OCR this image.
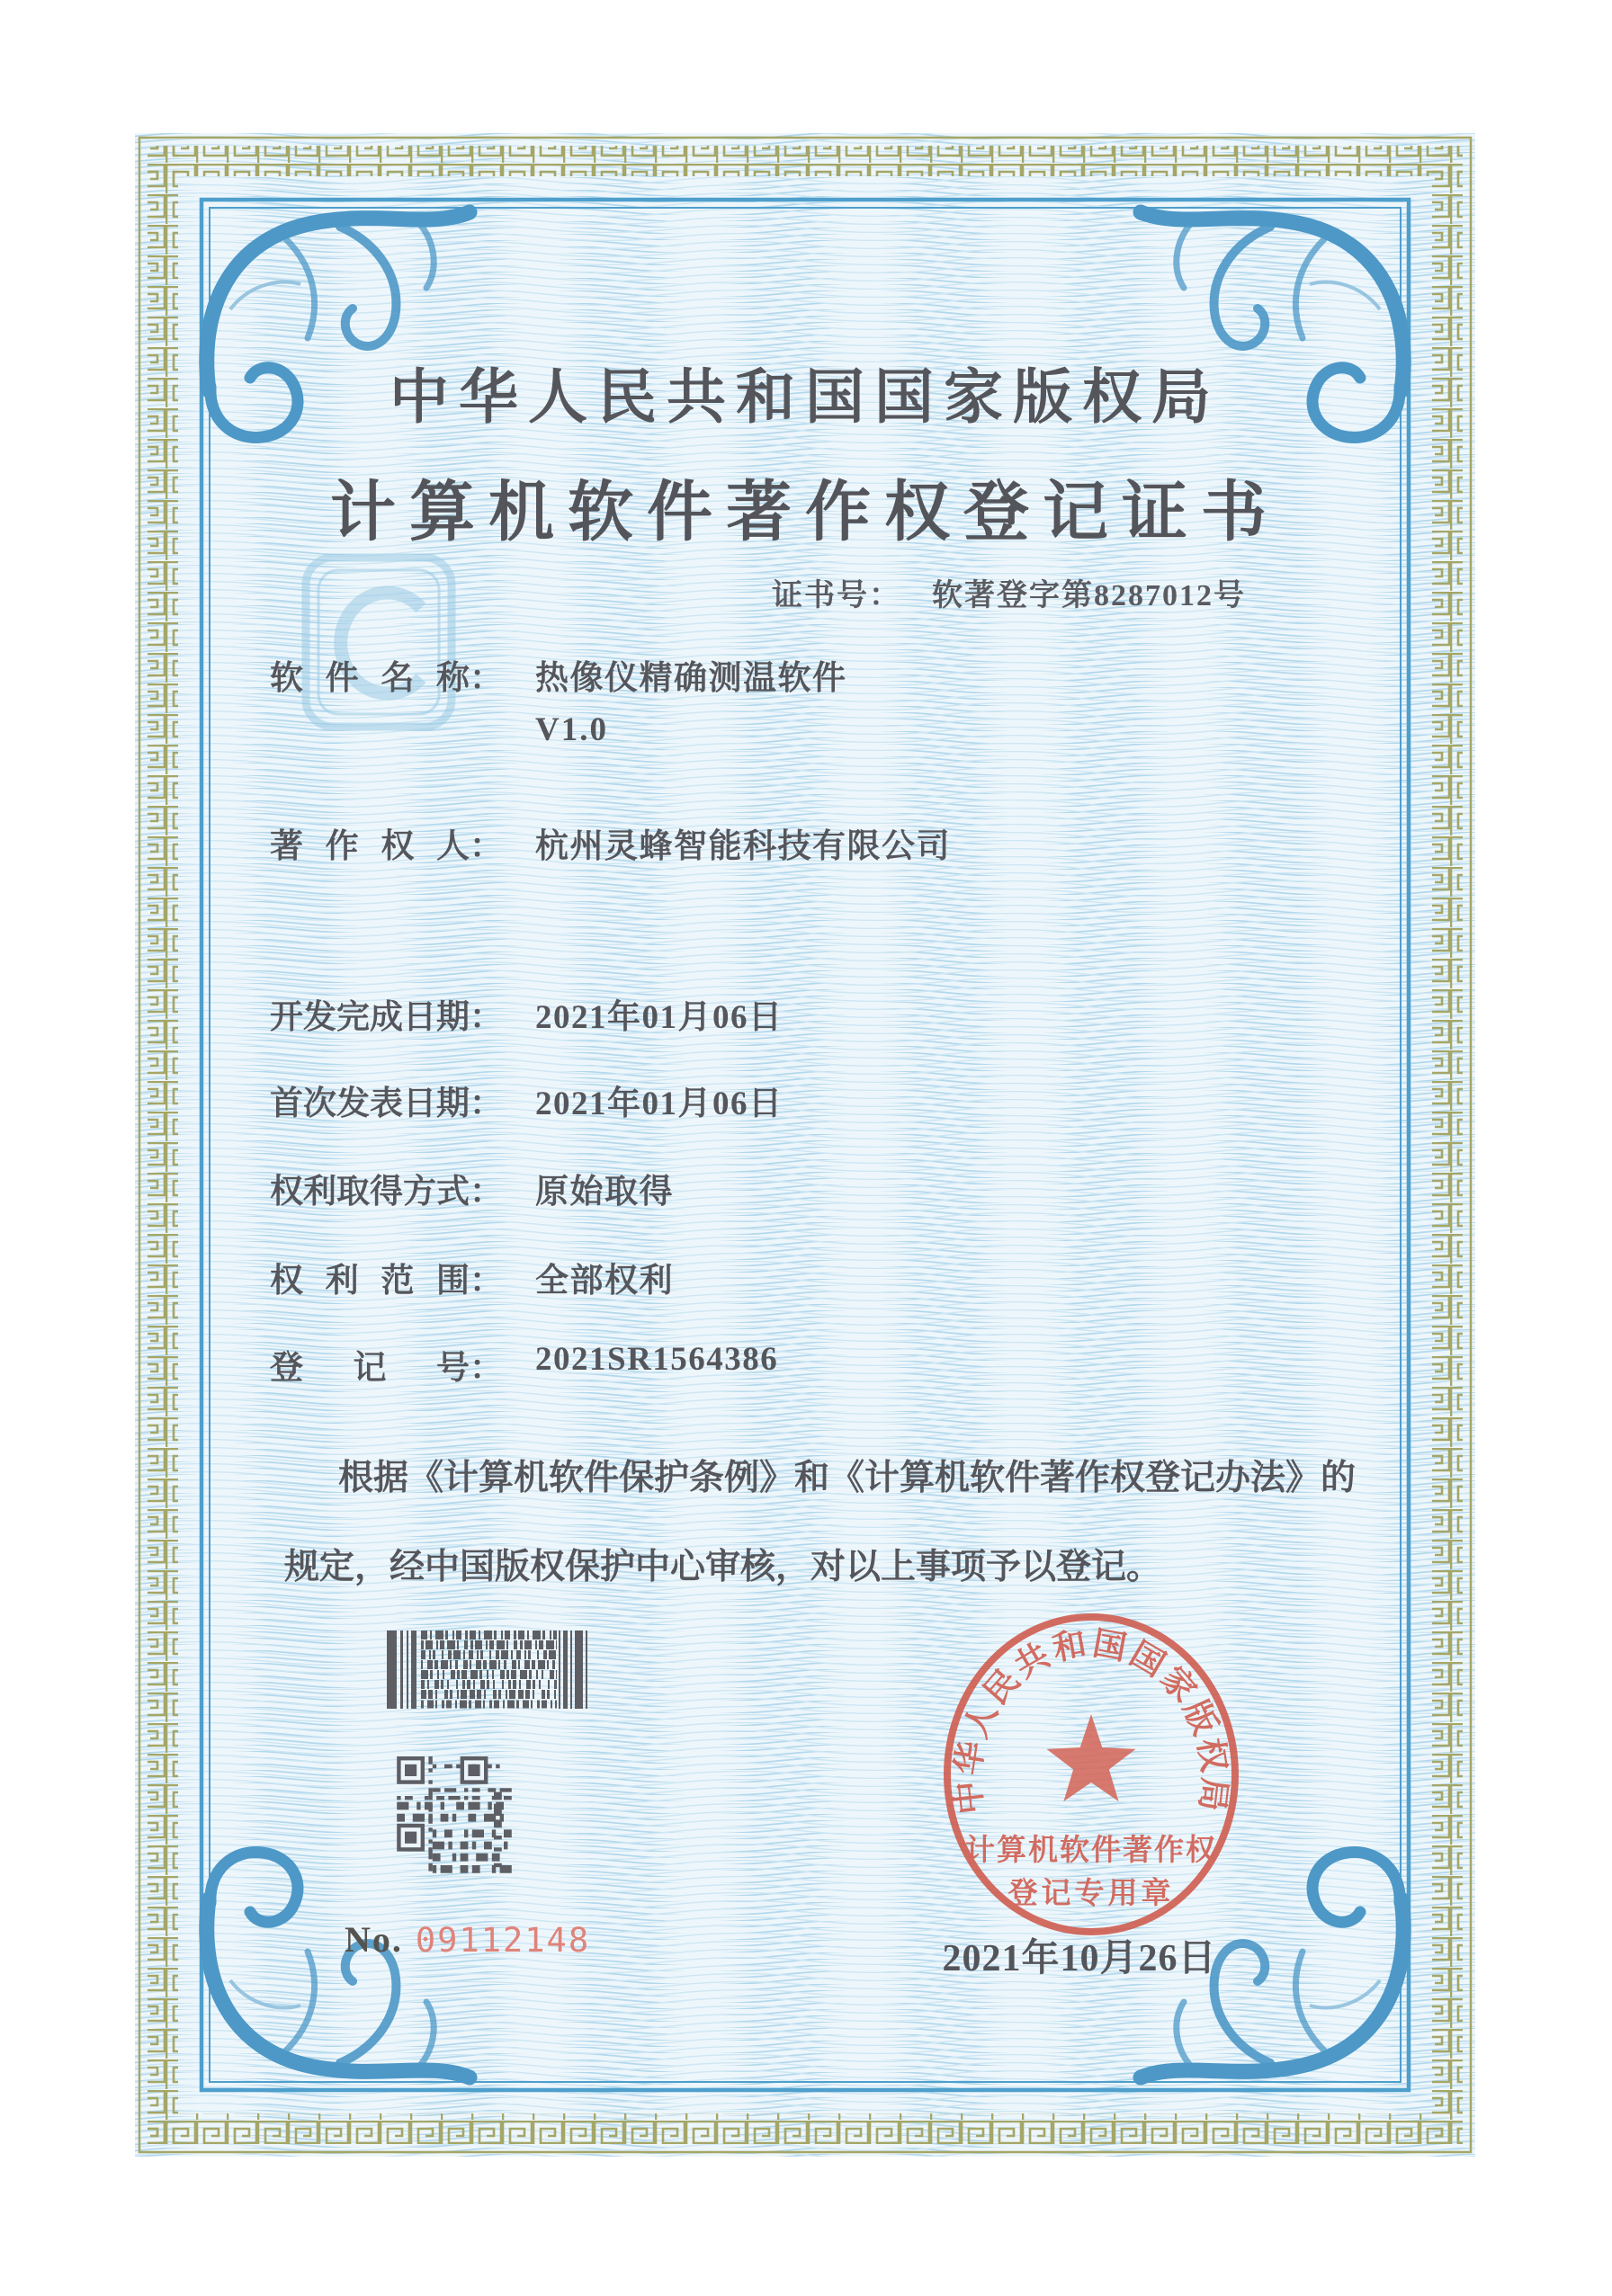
中华人民共和国国家版权局
计算机软件著作权登记证书
证书号： 软著登字第8287012号
软件名称： 热像仪精确测温软件
V1.0
著作权人： 杭州灵蜂智能科技有限公司
开发完成日期： 2021年01月06日
首次发表日期： 2021年01月06日
权利取得方式： 原始取得
权利范围： 全部权利
登记号： 2021SR1564386
根据《计算机软件保护条例》和《计算机软件著作权登记办法》的
规定，经中国版权保护中心审核，对以上事项予以登记。
No. 09112148
中华人民共和国国家版权局
计算机软件著作权
登记专用章
2021年10月26日
